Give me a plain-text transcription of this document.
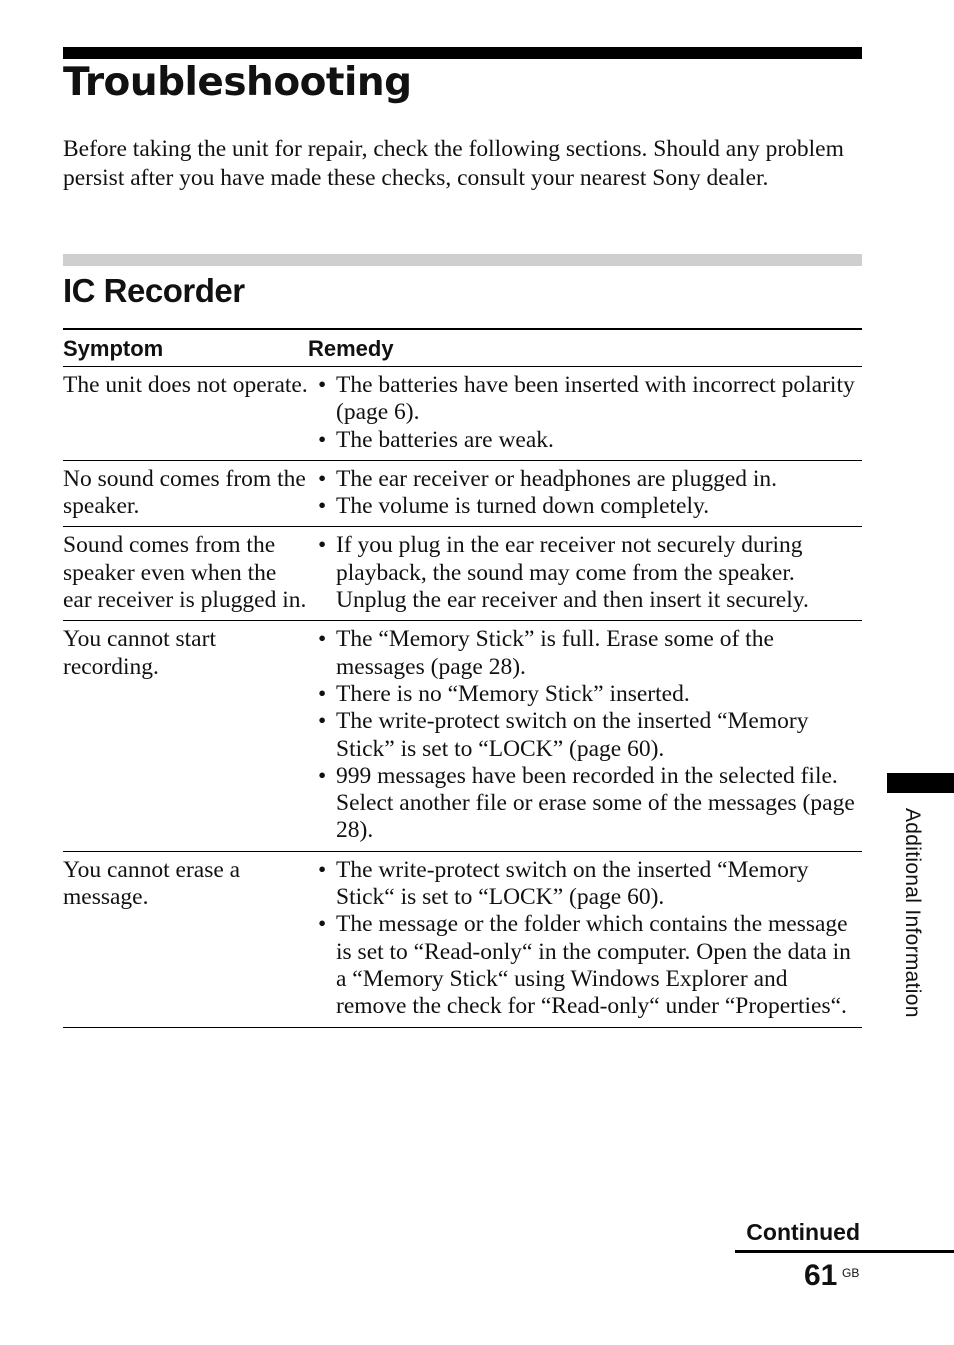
Troubleshooting

Before taking the unit for repair, check the following sections. Should any problem persist after you have made these checks, consult your nearest Sony dealer.

IC Recorder
Symptom	Remedy
The unit does not operate. • The batteries have been inserted with incorrect polarity (page 6).
• The batteries are weak.
No sound comes from the speaker.
• The ear receiver or headphones are plugged in.
• The volume is turned down completely.
Sound comes from the speaker even when the ear receiver is plugged in.
• If you plug in the ear receiver not securely during playback, the sound may come from the speaker. Unplug the ear receiver and then insert it securely.
You cannot start recording.
• The “Memory Stick” is full. Erase some of the messages (page 28).
• There is no “Memory Stick” inserted.
• The write-protect switch on the inserted “Memory Stick” is set to “LOCK” (page 60).
• 999 messages have been recorded in the selected file. Select another file or erase some of the messages (page 28).
You cannot erase a message.
• The write-protect switch on the inserted “Memory Stick“ is set to “LOCK” (page 60).
• The message or the folder which contains the message is set to “Read-only“ in the computer. Open the data in a “Memory Stick“ using Windows Explorer and remove the check for “Read-only“ under “Properties“.	Additional Information
Continued
61 GB
